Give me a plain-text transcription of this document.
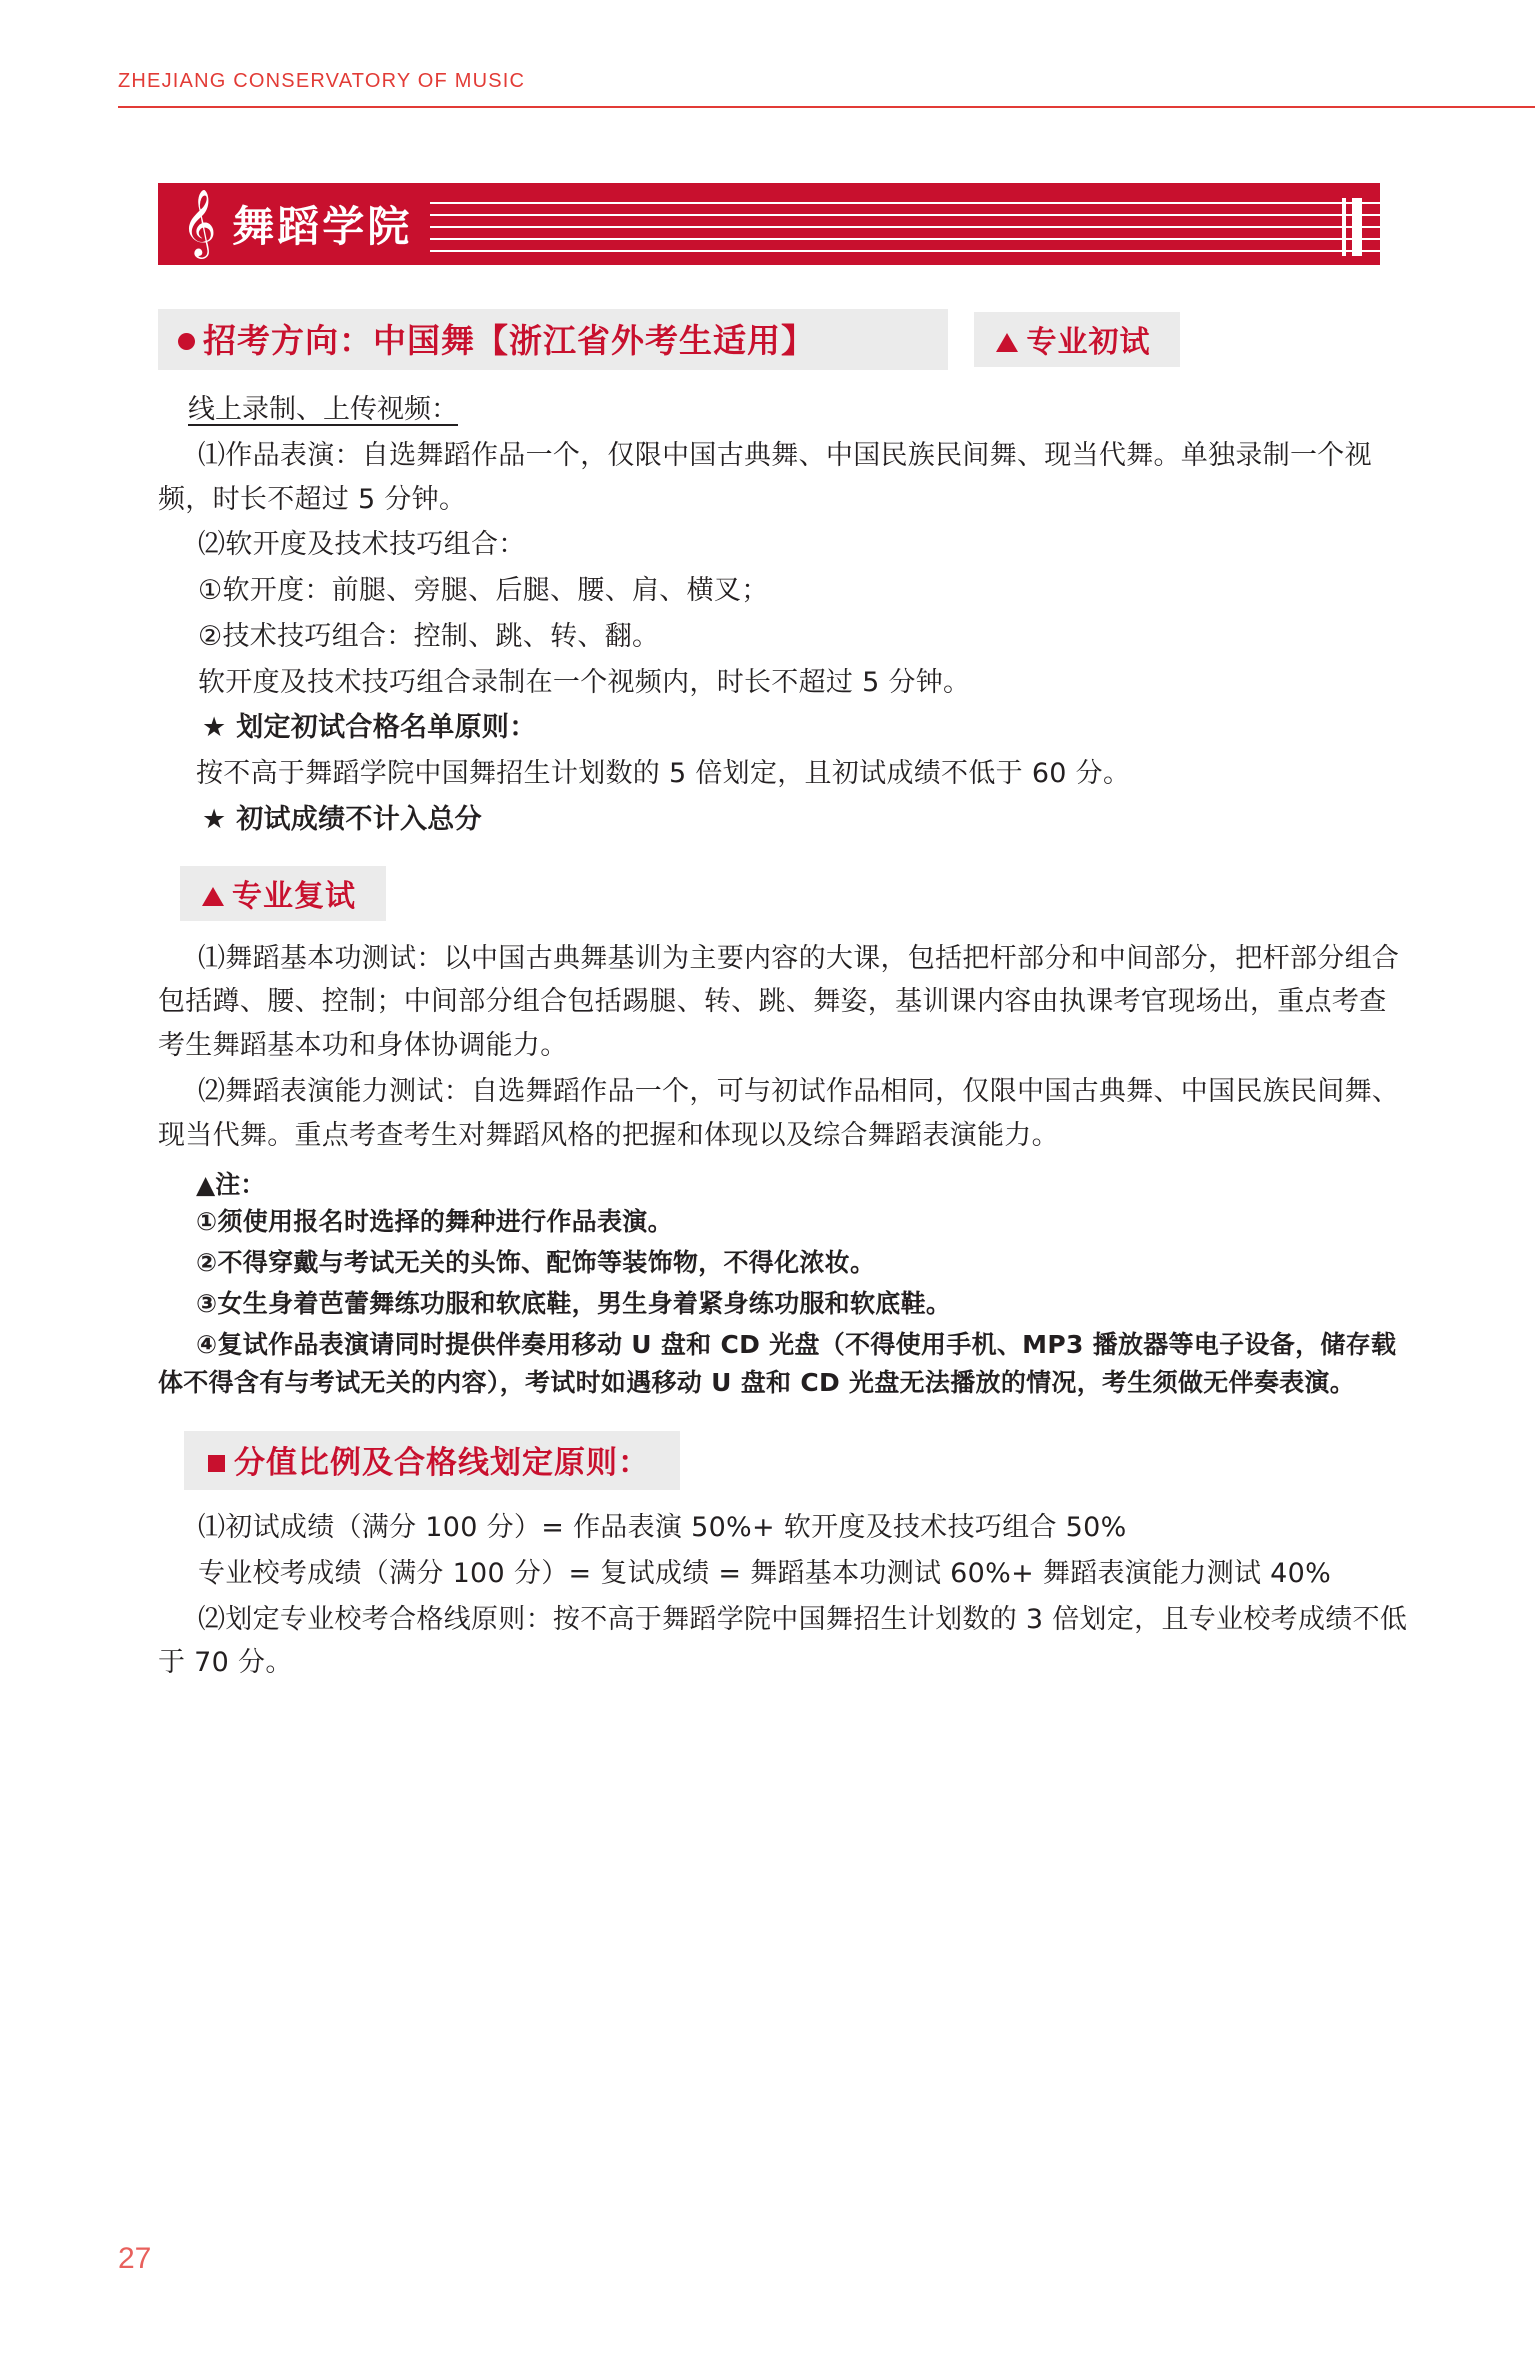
ZHEJIANG CONSERVATORY OF MUSIC
𝄞 舞蹈学院
招考方向：中国舞【浙江省外考生适用】	专业初试
线上录制、上传视频：

⑴作品表演：自选舞蹈作品一个，仅限中国古典舞、中国民族民间舞、现当代舞。单独录制一个视频，时长不超过 5 分钟。

⑵软开度及技术技巧组合：

①软开度：前腿、旁腿、后腿、腰、肩、横叉；

②技术技巧组合：控制、跳、转、翻。

软开度及技术技巧组合录制在一个视频内，时长不超过 5 分钟。

★ 划定初试合格名单原则：

按不高于舞蹈学院中国舞招生计划数的 5 倍划定，且初试成绩不低于 60 分。

★ 初试成绩不计入总分

专业复试

⑴舞蹈基本功测试：以中国古典舞基训为主要内容的大课，包括把杆部分和中间部分，把杆部分组合包括蹲、腰、控制；中间部分组合包括踢腿、转、跳、舞姿，基训课内容由执课考官现场出，重点考查考生舞蹈基本功和身体协调能力。

⑵舞蹈表演能力测试：自选舞蹈作品一个，可与初试作品相同，仅限中国古典舞、中国民族民间舞、现当代舞。重点考查考生对舞蹈风格的把握和体现以及综合舞蹈表演能力。

▲注：

①须使用报名时选择的舞种进行作品表演。

②不得穿戴与考试无关的头饰、配饰等装饰物，不得化浓妆。

③女生身着芭蕾舞练功服和软底鞋，男生身着紧身练功服和软底鞋。

④复试作品表演请同时提供伴奏用移动 U 盘和 CD 光盘（不得使用手机、MP3 播放器等电子设备，储存载体不得含有与考试无关的内容），考试时如遇移动 U 盘和 CD 光盘无法播放的情况，考生须做无伴奏表演。

分值比例及合格线划定原则：

⑴初试成绩（满分 100 分）= 作品表演 50%+ 软开度及技术技巧组合 50%

专业校考成绩（满分 100 分）= 复试成绩 = 舞蹈基本功测试 60%+ 舞蹈表演能力测试 40%

⑵划定专业校考合格线原则：按不高于舞蹈学院中国舞招生计划数的 3 倍划定，且专业校考成绩不低于 70 分。

27
